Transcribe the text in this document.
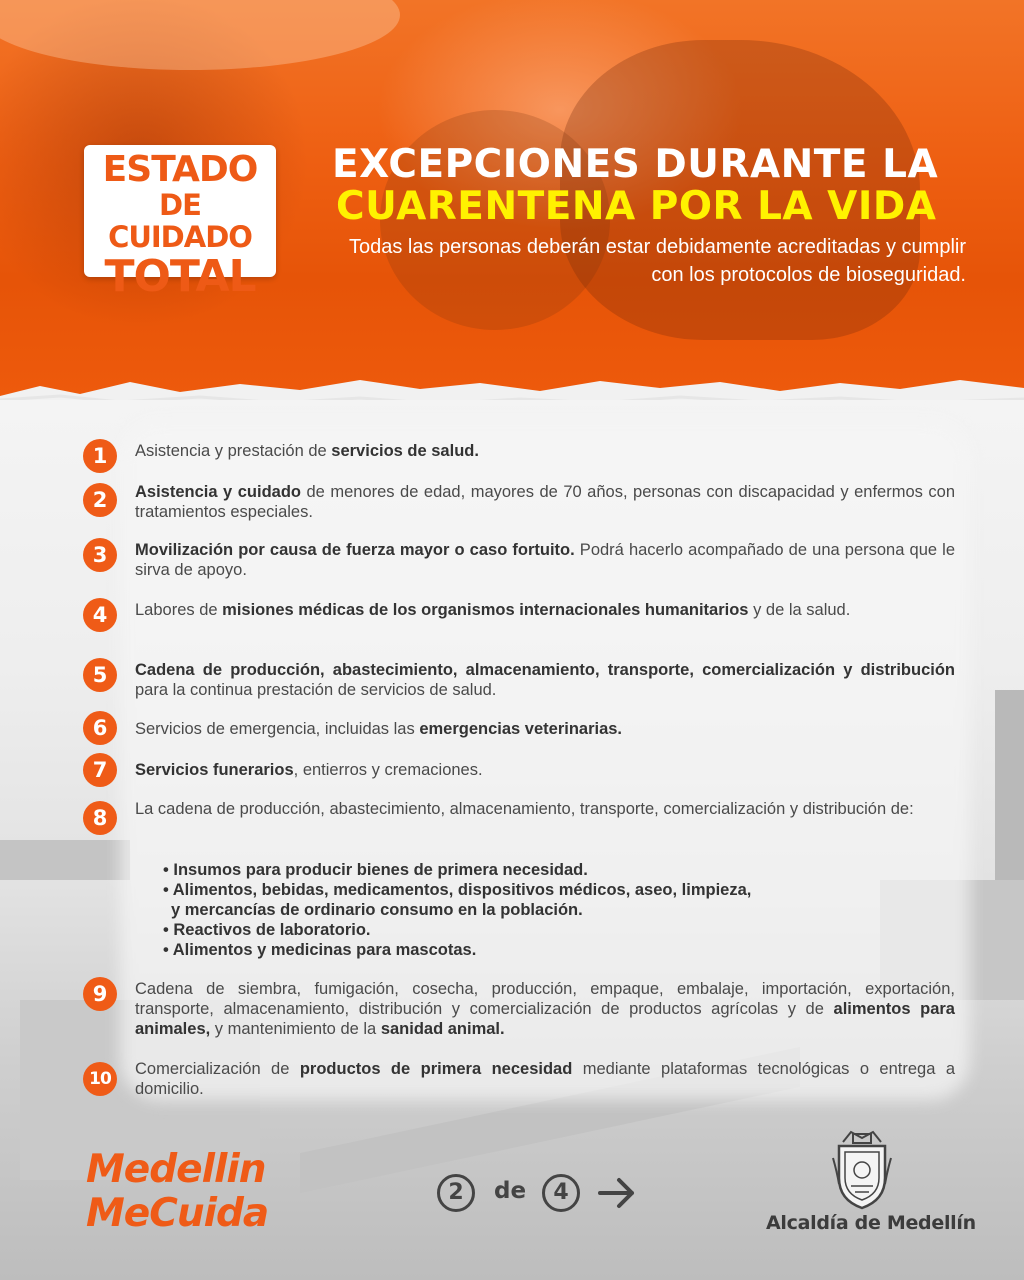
ESTADO
DE CUIDADO
TOTAL
EXCEPCIONES DURANTE LA
CUARENTENA POR LA VIDA
Todas las personas deberán estar debidamente acreditadas y cumplir con los protocolos de bioseguridad.
1	Asistencia y prestación de servicios de salud.
2	Asistencia y cuidado de menores de edad, mayores de 70 años, personas con discapacidad y enfermos con tratamientos especiales.
3	Movilización por causa de fuerza mayor o caso fortuito. Podrá hacerlo acompañado de una persona que le sirva de apoyo.
4	Labores de misiones médicas de los organismos internacionales humanitarios y de la salud.
5	Cadena de producción, abastecimiento, almacenamiento, transporte, comercialización y distribución para la continua prestación de servicios de salud.
6	Servicios de emergencia, incluidas las emergencias veterinarias.
7	Servicios funerarios, entierros y cremaciones.
8	La cadena de producción, abastecimiento, almacenamiento, transporte, comercialización y distribución de:
• Insumos para producir bienes de primera necesidad.
• Alimentos, bebidas, medicamentos, dispositivos médicos, aseo, limpieza,
y mercancías de ordinario consumo en la población.
• Reactivos de laboratorio.
• Alimentos y medicinas para mascotas.
9	Cadena de siembra, fumigación, cosecha, producción, empaque, embalaje, importación, exportación, transporte, almacenamiento, distribución y comercialización de productos agrícolas y de alimentos para animales, y mantenimiento de la sanidad animal.
10	Comercialización de productos de primera necesidad mediante plataformas tecnológicas o entrega a domicilio.
Medellin
MeCuida	2	de	4
Alcaldía de Medellín
